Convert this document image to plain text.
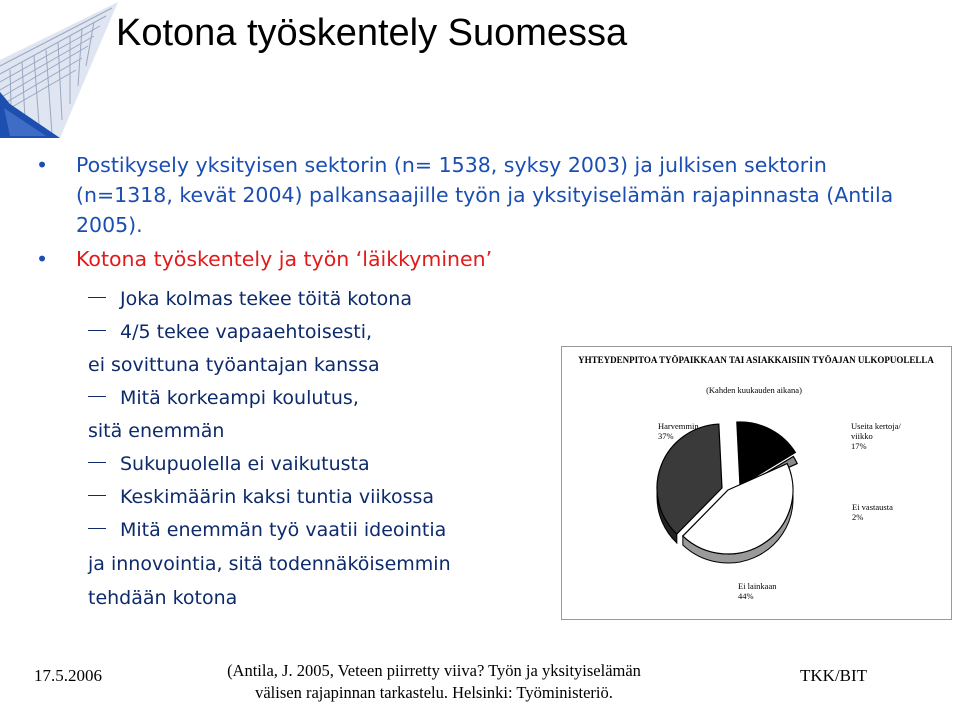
Kotona työskentely Suomessa
• Postikysely yksityisen sektorin (n= 1538, syksy 2003) ja julkisen sektorin (n=1318, kevät 2004) palkansaajille työn ja yksityiselämän rajapinnasta (Antila 2005).
• Kotona työskentely ja työn ‘läikkyminen’
Joka kolmas tekee töitä kotona
4/5 tekee vapaaehtoisesti,
ei sovittuna työantajan kanssa
Mitä korkeampi koulutus,
sitä enemmän
Sukupuolella ei vaikutusta
Keskimäärin kaksi tuntia viikossa
Mitä enemmän työ vaatii ideointia
ja innovointia, sitä todennäköisemmin
tehdään kotona
YHTEYDENPITOA TYÖPAIKKAAN TAI ASIAKKAISIIN TYÖAJAN ULKOPUOLELLA
(Kahden kuukauden aikana)
Harvemmin
37%
Useita kertoja/
viikko
17%
Ei vastausta
2%
Ei lainkaan
44%
17.5.2006	(Antila, J. 2005, Veteen piirretty viiva? Työn ja yksityiselämän
välisen rajapinnan tarkastelu. Helsinki: Työministeriö.
TKK/BIT
